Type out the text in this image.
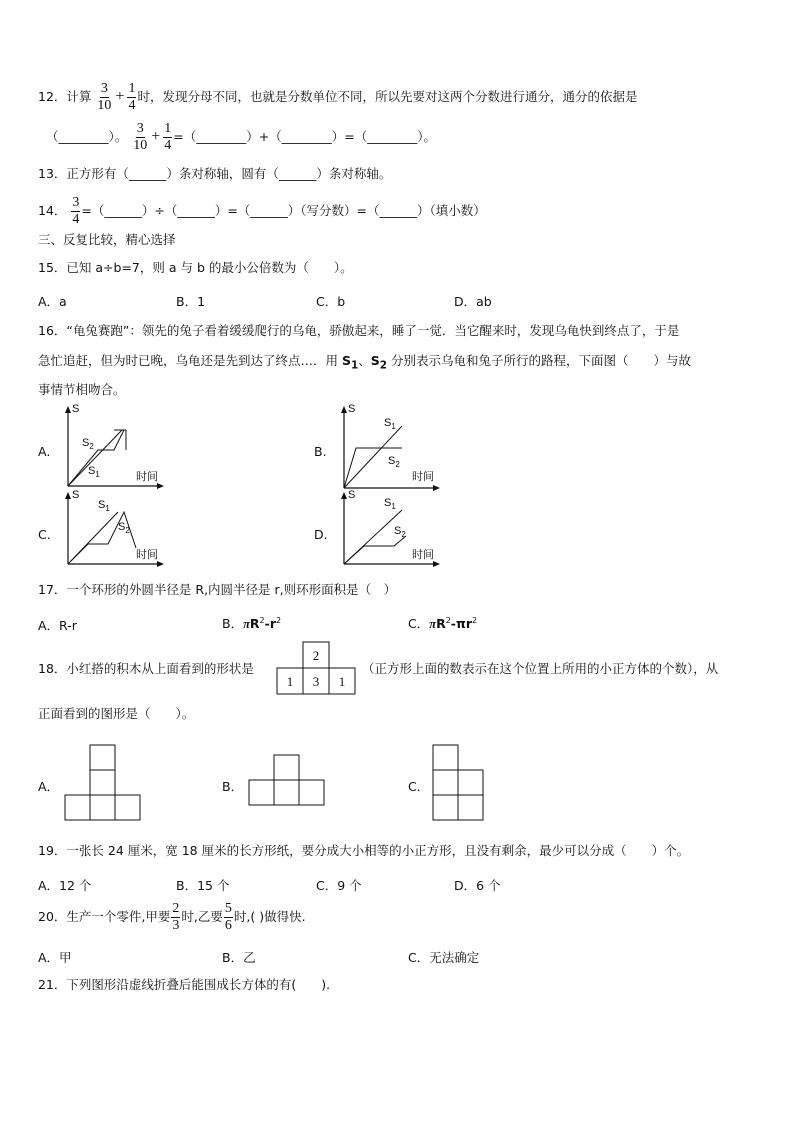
12．计算 $\frac{3}{10} + \frac{1}{4}$ 时，发现分母不同，也就是分数单位不同，所以先要对这两个分数进行通分，通分的依据是
（________）。 $\frac{3}{10} + \frac{1}{4}$ =（________）+（________）=（________）。
13．正方形有（______）条对称轴，圆有（______）条对称轴。
14． $\frac{3}{4}$ =（______）÷（______）=（______）（写分数）=（______）（填小数）
三、反复比较，精心选择
15．已知 a÷b=7，则 a 与 b 的最小公倍数为（　　）。
A．a	B．1	C．b	D．ab
16．“龟兔赛跑”：领先的兔子看着缓缓爬行的乌龟，骄傲起来，睡了一觉．当它醒来时，发现乌龟快到终点了，于是
急忙追赶，但为时已晚，乌龟还是先到达了终点…．用 $S_1$、$S_2$ 分别表示乌龟和兔子所行的路程，下面图（　　）与故
事情节相吻合。
A.	B.
C.	D.
S
$S_2$
$S_1$	时间
S
$S_1$
$S_2$
时间
S
$S_1$
$S_2$
时间
S
$S_1$
$S_2$
时间
17．一个环形的外圆半径是 R,内圆半径是 r,则环形面积是（　）
A．R-r	B．$\pi R^2-r^2$	C．$\pi R^2-\pi r^2$
18．小红搭的积木从上面看到的形状是
2
1 3 1
（正方形上面的数表示在这个位置上所用的小正方体的个数），从
正面看到的图形是（　　）。
A．	B．	C．
19．一张长 24 厘米，宽 18 厘米的长方形纸，要分成大小相等的小正方形，且没有剩余，最少可以分成（　　）个。
A．12 个	B．15 个	C．9 个	D．6 个
20．生产一个零件,甲要 $\frac{2}{3}$ 时,乙要 $\frac{5}{6}$ 时,( )做得快.
A．甲	B．乙	C．无法确定
21．下列图形沿虚线折叠后能围成长方体的有(　　).
